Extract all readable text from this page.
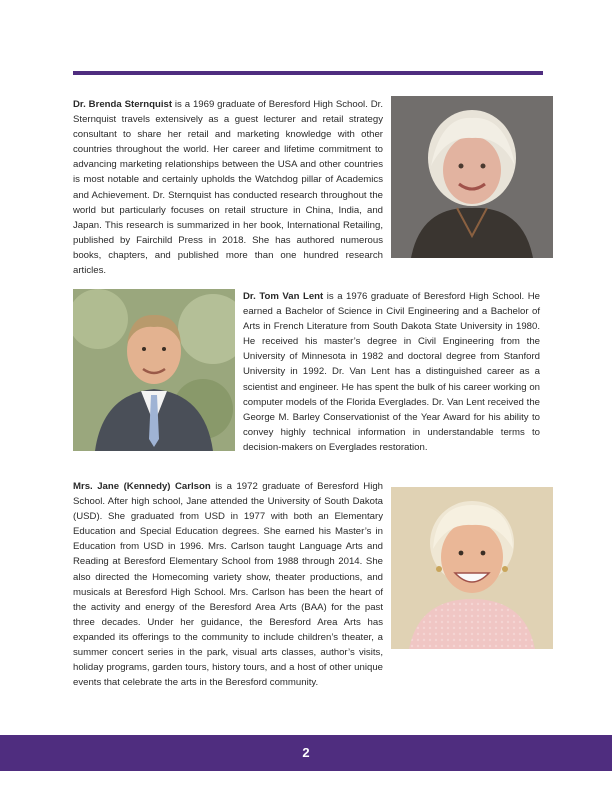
Dr. Brenda Sternquist is a 1969 graduate of Beresford High School. Dr. Sternquist travels extensively as a guest lecturer and retail strategy consultant to share her retail and marketing knowledge with other countries throughout the world. Her career and lifetime commitment to advancing marketing relationships between the USA and other countries is most notable and certainly upholds the Watchdog pillar of Academics and Achievement. Dr. Sternquist has conducted research throughout the world but particularly focuses on retail structure in China, India, and Japan. This research is summarized in her book, International Retailing, published by Fairchild Press in 2018. She has authored numerous books, chapters, and published more than one hundred research articles.
Dr. Tom Van Lent is a 1976 graduate of Beresford High School. He earned a Bachelor of Science in Civil Engineering and a Bachelor of Arts in French Literature from South Dakota State University in 1980. He received his master’s degree in Civil Engineering from the University of Minnesota in 1982 and doctoral degree from Stanford University in 1992. Dr. Van Lent has a distinguished career as a scientist and engineer. He has spent the bulk of his career working on computer models of the Florida Everglades. Dr. Van Lent received the George M. Barley Conservationist of the Year Award for his ability to convey highly technical information in understandable terms to decision-makers on Everglades restoration.
Mrs. Jane (Kennedy) Carlson is a 1972 graduate of Beresford High School. After high school, Jane attended the University of South Dakota (USD). She graduated from USD in 1977 with both an Elementary Education and Special Education degrees. She earned his Master’s in Education from USD in 1996. Mrs. Carlson taught Language Arts and Reading at Beresford Elementary School from 1988 through 2014. She also directed the Homecoming variety show, theater productions, and musicals at Beresford High School. Mrs. Carlson has been the heart of the activity and energy of the Beresford Area Arts (BAA) for the past three decades. Under her guidance, the Beresford Area Arts has expanded its offerings to the community to include children’s theater, a summer concert series in the park, visual arts classes, author’s visits, holiday programs, garden tours, history tours, and a host of other unique events that celebrate the arts in the Beresford community.
2
